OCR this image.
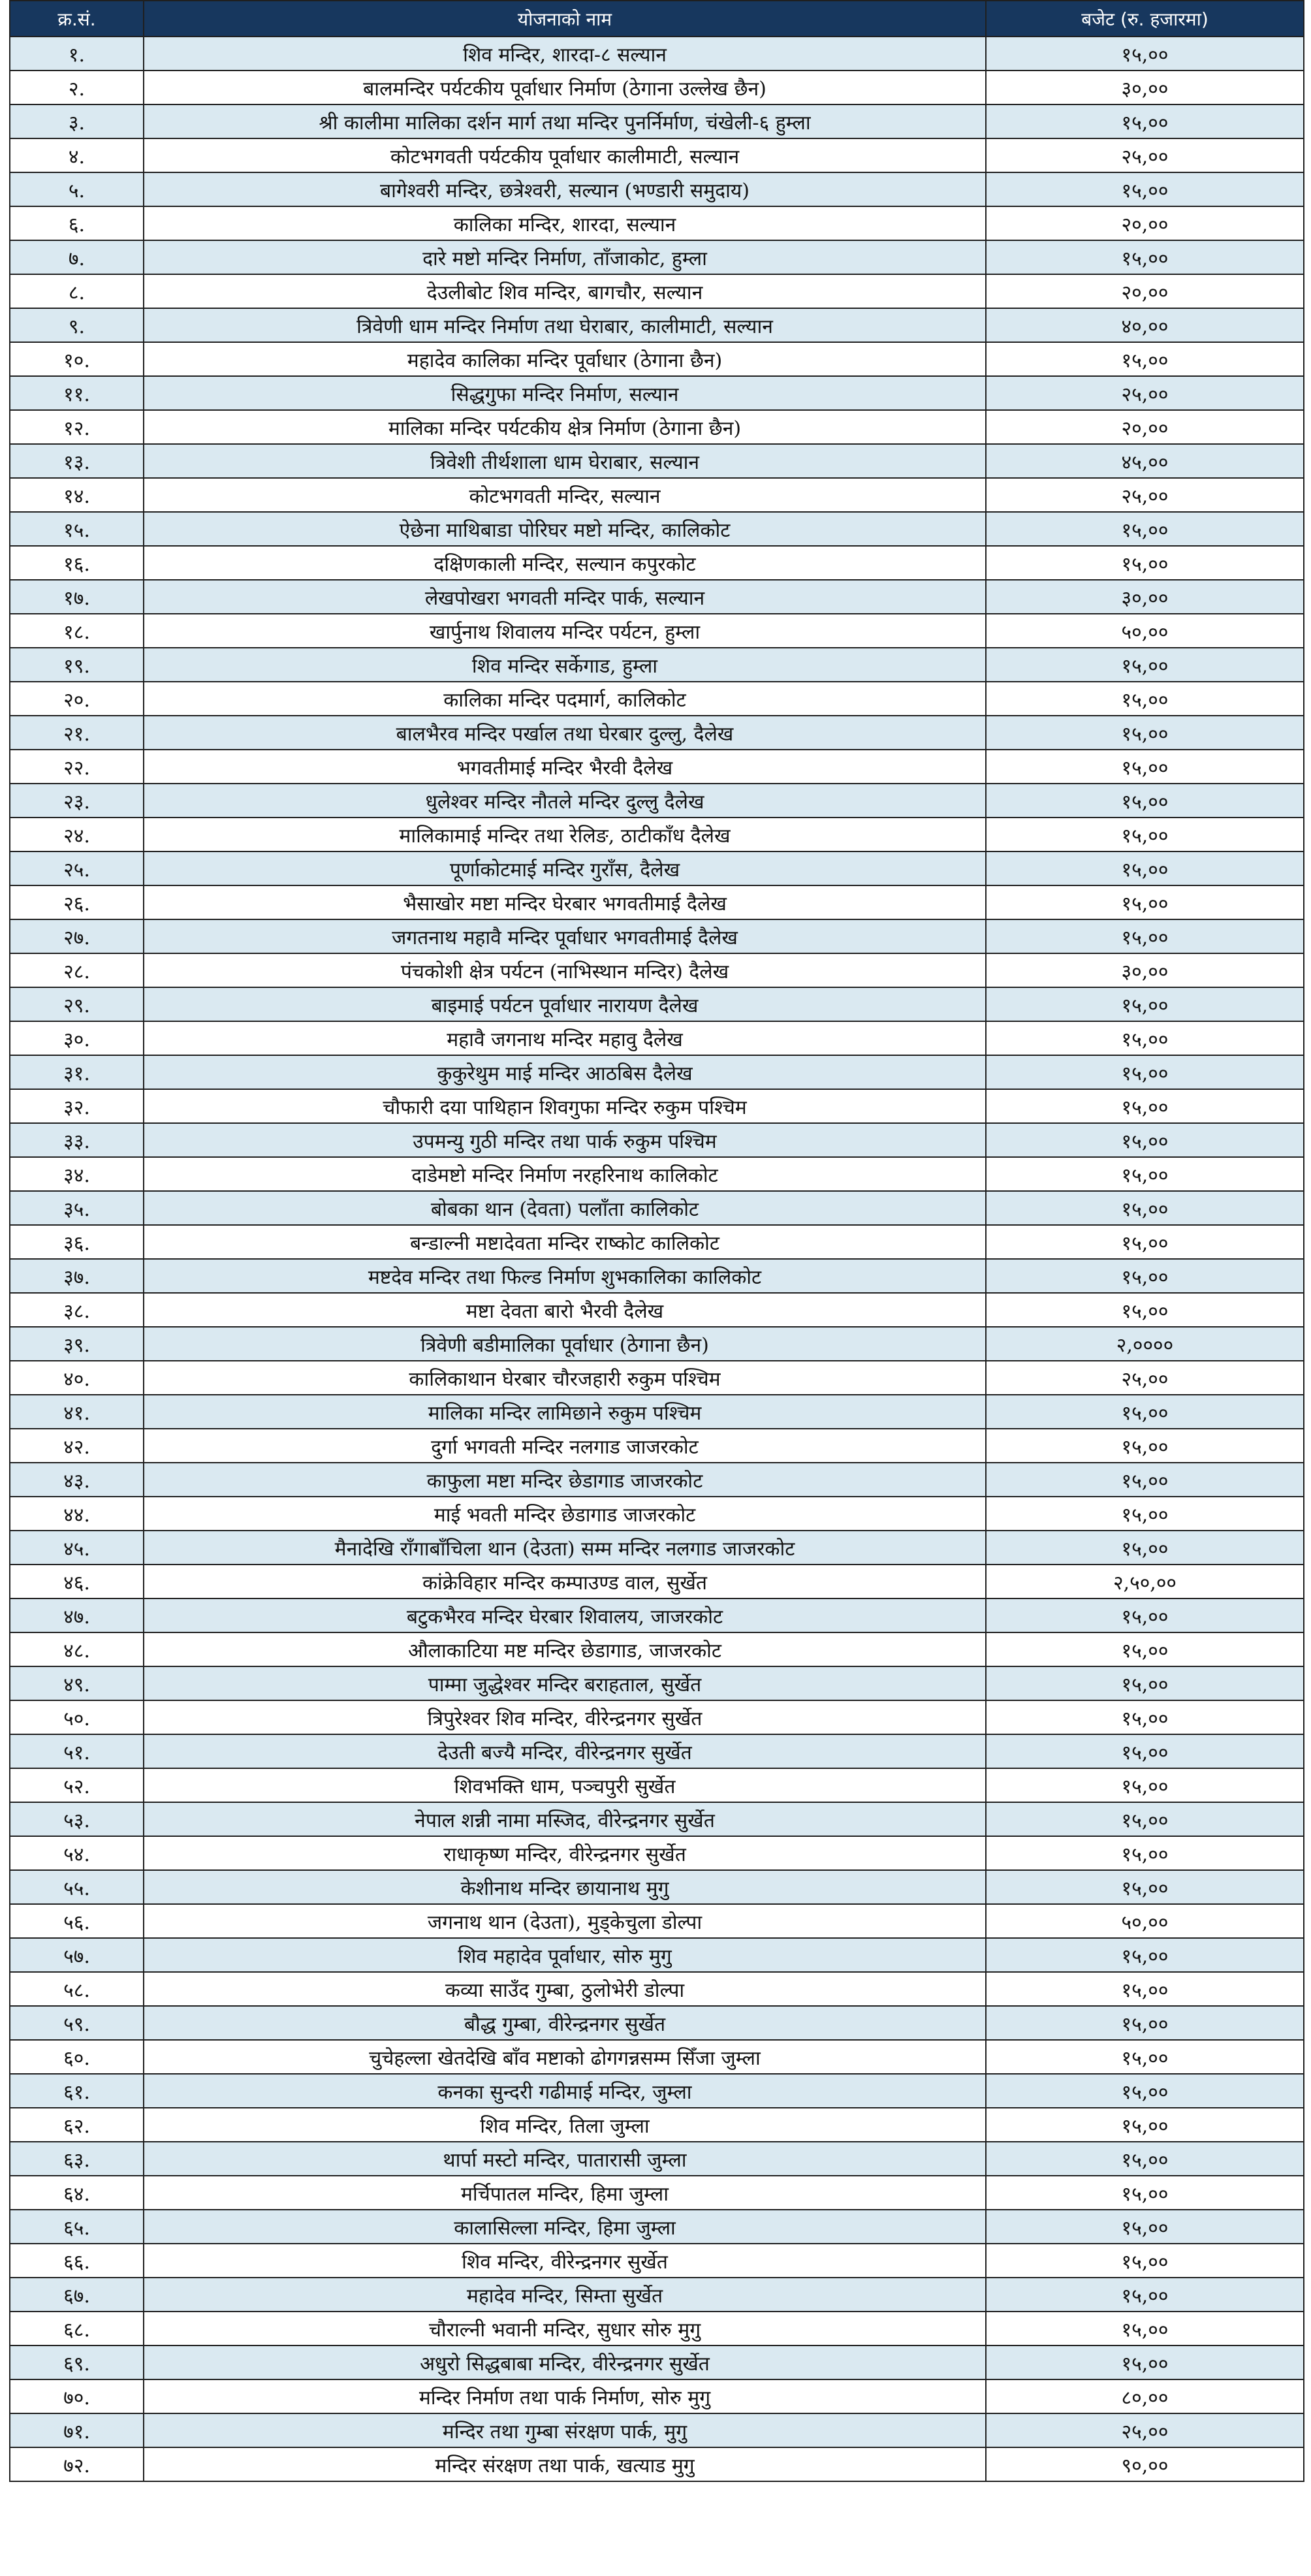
क्र.सं.	योजनाको नाम	बजेट (रु. हजारमा)
१.	शिव मन्दिर, शारदा-८ सल्यान	१५,००
२.	बालमन्दिर पर्यटकीय पूर्वाधार निर्माण (ठेगाना उल्लेख छैन)	३०,००
३.	श्री कालीमा मालिका दर्शन मार्ग तथा मन्दिर पुनर्निर्माण, चंखेली-६ हुम्ला	१५,००
४.	कोटभगवती पर्यटकीय पूर्वाधार कालीमाटी, सल्यान	२५,००
५.	बागेश्वरी मन्दिर, छत्रेश्वरी, सल्यान (भण्डारी समुदाय)	१५,००
६.	कालिका मन्दिर, शारदा, सल्यान	२०,००
७.	दारे मष्टो मन्दिर निर्माण, ताँजाकोट, हुम्ला	१५,००
८.	देउलीबोट शिव मन्दिर, बागचौर, सल्यान	२०,००
९.	त्रिवेणी धाम मन्दिर निर्माण तथा घेराबार, कालीमाटी, सल्यान	४०,००
१०.	महादेव कालिका मन्दिर पूर्वाधार (ठेगाना छैन)	१५,००
११.	सिद्धगुफा मन्दिर निर्माण, सल्यान	२५,००
१२.	मालिका मन्दिर पर्यटकीय क्षेत्र निर्माण (ठेगाना छैन)	२०,००
१३.	त्रिवेशी तीर्थशाला धाम घेराबार, सल्यान	४५,००
१४.	कोटभगवती मन्दिर, सल्यान	२५,००
१५.	ऐछेना माथिबाडा पोरिघर मष्टो मन्दिर, कालिकोट	१५,००
१६.	दक्षिणकाली मन्दिर, सल्यान कपुरकोट	१५,००
१७.	लेखपोखरा भगवती मन्दिर पार्क, सल्यान	३०,००
१८.	खार्पुनाथ शिवालय मन्दिर पर्यटन, हुम्ला	५०,००
१९.	शिव मन्दिर सर्केगाड, हुम्ला	१५,००
२०.	कालिका मन्दिर पदमार्ग, कालिकोट	१५,००
२१.	बालभैरव मन्दिर पर्खाल तथा घेरबार दुल्लु, दैलेख	१५,००
२२.	भगवतीमाई मन्दिर भैरवी दैलेख	१५,००
२३.	धुलेश्वर मन्दिर नौतले मन्दिर दुल्लु दैलेख	१५,००
२४.	मालिकामाई मन्दिर तथा रेलिङ, ठाटीकाँध दैलेख	१५,००
२५.	पूर्णाकोटमाई मन्दिर गुराँस, दैलेख	१५,००
२६.	भैसाखोर मष्टा मन्दिर घेरबार भगवतीमाई दैलेख	१५,००
२७.	जगतनाथ महावै मन्दिर पूर्वाधार भगवतीमाई दैलेख	१५,००
२८.	पंचकोशी क्षेत्र पर्यटन (नाभिस्थान मन्दिर) दैलेख	३०,००
२९.	बाइमाई पर्यटन पूर्वाधार नारायण दैलेख	१५,००
३०.	महावै जगनाथ मन्दिर महावु दैलेख	१५,००
३१.	कुकुरेथुम माई मन्दिर आठबिस दैलेख	१५,००
३२.	चौफारी दया पाथिहान शिवगुफा मन्दिर रुकुम पश्चिम	१५,००
३३.	उपमन्यु गुठी मन्दिर तथा पार्क रुकुम पश्चिम	१५,००
३४.	दाडेमष्टो मन्दिर निर्माण नरहरिनाथ कालिकोट	१५,००
३५.	बोबका थान (देवता) पलाँता कालिकोट	१५,००
३६.	बन्डाल्नी मष्टादेवता मन्दिर राष्कोट कालिकोट	१५,००
३७.	मष्टदेव मन्दिर तथा फिल्ड निर्माण शुभकालिका कालिकोट	१५,००
३८.	मष्टा देवता बारो भैरवी दैलेख	१५,००
३९.	त्रिवेणी बडीमालिका पूर्वाधार (ठेगाना छैन)	२,००००
४०.	कालिकाथान घेरबार चौरजहारी रुकुम पश्चिम	२५,००
४१.	मालिका मन्दिर लामिछाने रुकुम पश्चिम	१५,००
४२.	दुर्गा भगवती मन्दिर नलगाड जाजरकोट	१५,००
४३.	काफुला मष्टा मन्दिर छेडागाड जाजरकोट	१५,००
४४.	माई भवती मन्दिर छेडागाड जाजरकोट	१५,००
४५.	मैनादेखि राँगाबाँचिला थान (देउता) सम्म मन्दिर नलगाड जाजरकोट	१५,००
४६.	कांक्रेविहार मन्दिर कम्पाउण्ड वाल, सुर्खेत	२,५०,००
४७.	बटुकभैरव मन्दिर घेरबार शिवालय, जाजरकोट	१५,००
४८.	औलाकाटिया मष्ट मन्दिर छेडागाड, जाजरकोट	१५,००
४९.	पाम्मा जुद्धेश्वर मन्दिर बराहताल, सुर्खेत	१५,००
५०.	त्रिपुरेश्वर शिव मन्दिर, वीरेन्द्रनगर सुर्खेत	१५,००
५१.	देउती बज्यै मन्दिर, वीरेन्द्रनगर सुर्खेत	१५,००
५२.	शिवभक्ति धाम, पञ्चपुरी सुर्खेत	१५,००
५३.	नेपाल शन्नी नामा मस्जिद, वीरेन्द्रनगर सुर्खेत	१५,००
५४.	राधाकृष्ण मन्दिर, वीरेन्द्रनगर सुर्खेत	१५,००
५५.	केशीनाथ मन्दिर छायानाथ मुगु	१५,००
५६.	जगनाथ थान (देउता), मुड्केचुला डोल्पा	५०,००
५७.	शिव महादेव पूर्वाधार, सोरु मुगु	१५,००
५८.	कव्या साउँद गुम्बा, ठुलोभेरी डोल्पा	१५,००
५९.	बौद्ध गुम्बा, वीरेन्द्रनगर सुर्खेत	१५,००
६०.	चुचेहल्ला खेतदेखि बाँव मष्टाको ढोगगन्नसम्म सिँजा जुम्ला	१५,००
६१.	कनका सुन्दरी गढीमाई मन्दिर, जुम्ला	१५,००
६२.	शिव मन्दिर, तिला जुम्ला	१५,००
६३.	थार्पा मस्टो मन्दिर, पातारासी जुम्ला	१५,००
६४.	मर्चिपातल मन्दिर, हिमा जुम्ला	१५,००
६५.	कालासिल्ला मन्दिर, हिमा जुम्ला	१५,००
६६.	शिव मन्दिर, वीरेन्द्रनगर सुर्खेत	१५,००
६७.	महादेव मन्दिर, सिम्ता सुर्खेत	१५,००
६८.	चौराल्नी भवानी मन्दिर, सुधार सोरु मुगु	१५,००
६९.	अधुरो सिद्धबाबा मन्दिर, वीरेन्द्रनगर सुर्खेत	१५,००
७०.	मन्दिर निर्माण तथा पार्क निर्माण, सोरु मुगु	८०,००
७१.	मन्दिर तथा गुम्बा संरक्षण पार्क, मुगु	२५,००
७२.	मन्दिर संरक्षण तथा पार्क, खत्याड मुगु	९०,००
